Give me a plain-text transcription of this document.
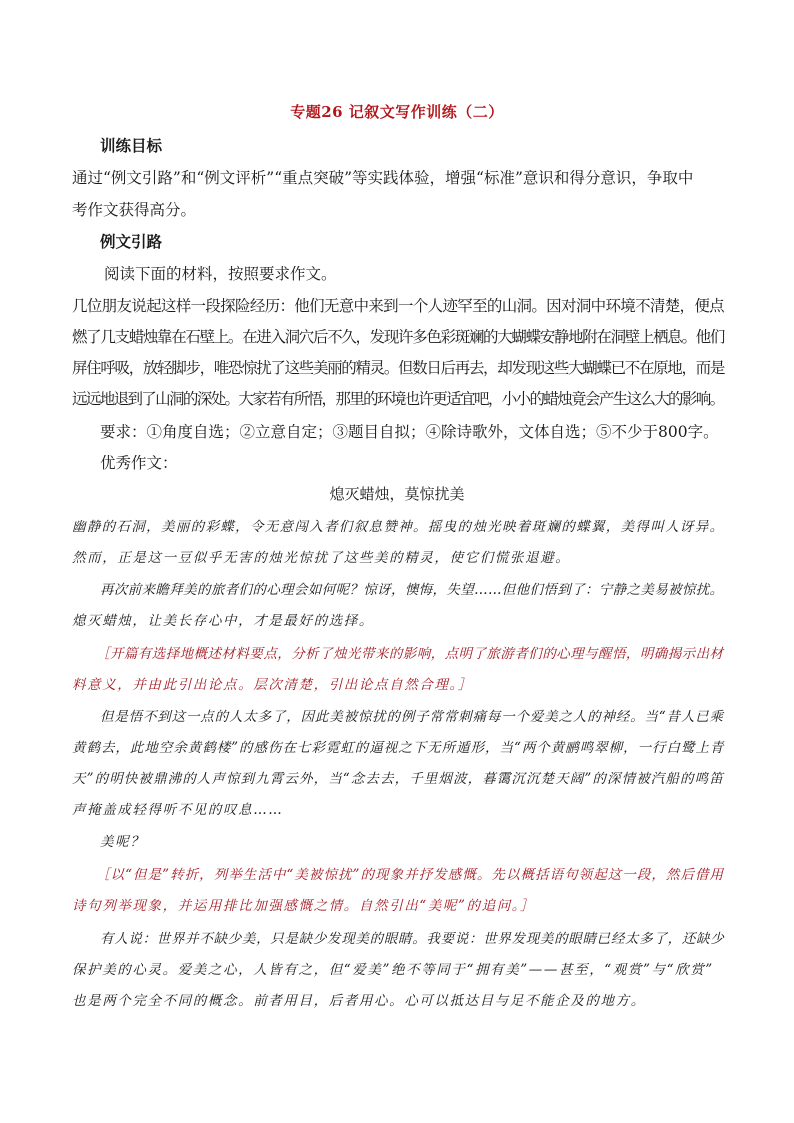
专题26 记叙文写作训练（二）
训练目标
通过“例文引路”和“例文评析”“重点突破”等实践体验，增强“标准”意识和得分意识，争取中
考作文获得高分。
例文引路
阅读下面的材料，按照要求作文。
几位朋友说起这样一段探险经历：他们无意中来到一个人迹罕至的山洞。因对洞中环境不清楚，便点
燃了几支蜡烛靠在石壁上。在进入洞穴后不久，发现许多色彩斑斓的大蝴蝶安静地附在洞壁上栖息。他们
屏住呼吸，放轻脚步，唯恐惊扰了这些美丽的精灵。但数日后再去，却发现这些大蝴蝶已不在原地，而是
远远地退到了山洞的深处。大家若有所悟，那里的环境也许更适宜吧，小小的蜡烛竟会产生这么大的影响。
要求：①角度自选；②立意自定；③题目自拟；④除诗歌外，文体自选；⑤不少于800字。
优秀作文：
熄灭蜡烛，莫惊扰美
幽静的石洞，美丽的彩蝶，令无意闯入者们叙息赞神。摇曳的烛光映着斑斓的蝶翼，美得叫人讶异。
然而，正是这一豆似乎无害的烛光惊扰了这些美的精灵，使它们慌张退避。
再次前来瞻拜美的旅者们的心理会如何呢？惊讶，懊悔，失望……但他们悟到了：宁静之美易被惊扰。
熄灭蜡烛，让美长存心中，才是最好的选择。
［开篇有选择地概述材料要点，分析了烛光带来的影响，点明了旅游者们的心理与醒悟，明确揭示出材
料意义，并由此引出论点。层次清楚，引出论点自然合理。］
但是悟不到这一点的人太多了，因此美被惊扰的例子常常刺痛每一个爱美之人的神经。当“昔人已乘
黄鹤去，此地空余黄鹤楼”的感伤在七彩霓虹的逼视之下无所遁形，当“两个黄鹂鸣翠柳，一行白鹭上青
天”的明快被鼎沸的人声惊到九霄云外，当“念去去，千里烟波，暮霭沉沉楚天阔”的深情被汽船的鸣笛
声掩盖成轻得听不见的叹息……
美呢？
［以“但是”转折，列举生活中“美被惊扰”的现象并抒发感慨。先以概括语句领起这一段，然后借用
诗句列举现象，并运用排比加强感慨之情。自然引出“美呢”的追问。］
有人说：世界并不缺少美，只是缺少发现美的眼睛。我要说：世界发现美的眼睛已经太多了，还缺少
保护美的心灵。爱美之心，人皆有之，但“爱美”绝不等同于“拥有美”——甚至，“观赏”与“欣赏”
也是两个完全不同的概念。前者用目，后者用心。心可以抵达目与足不能企及的地方。
